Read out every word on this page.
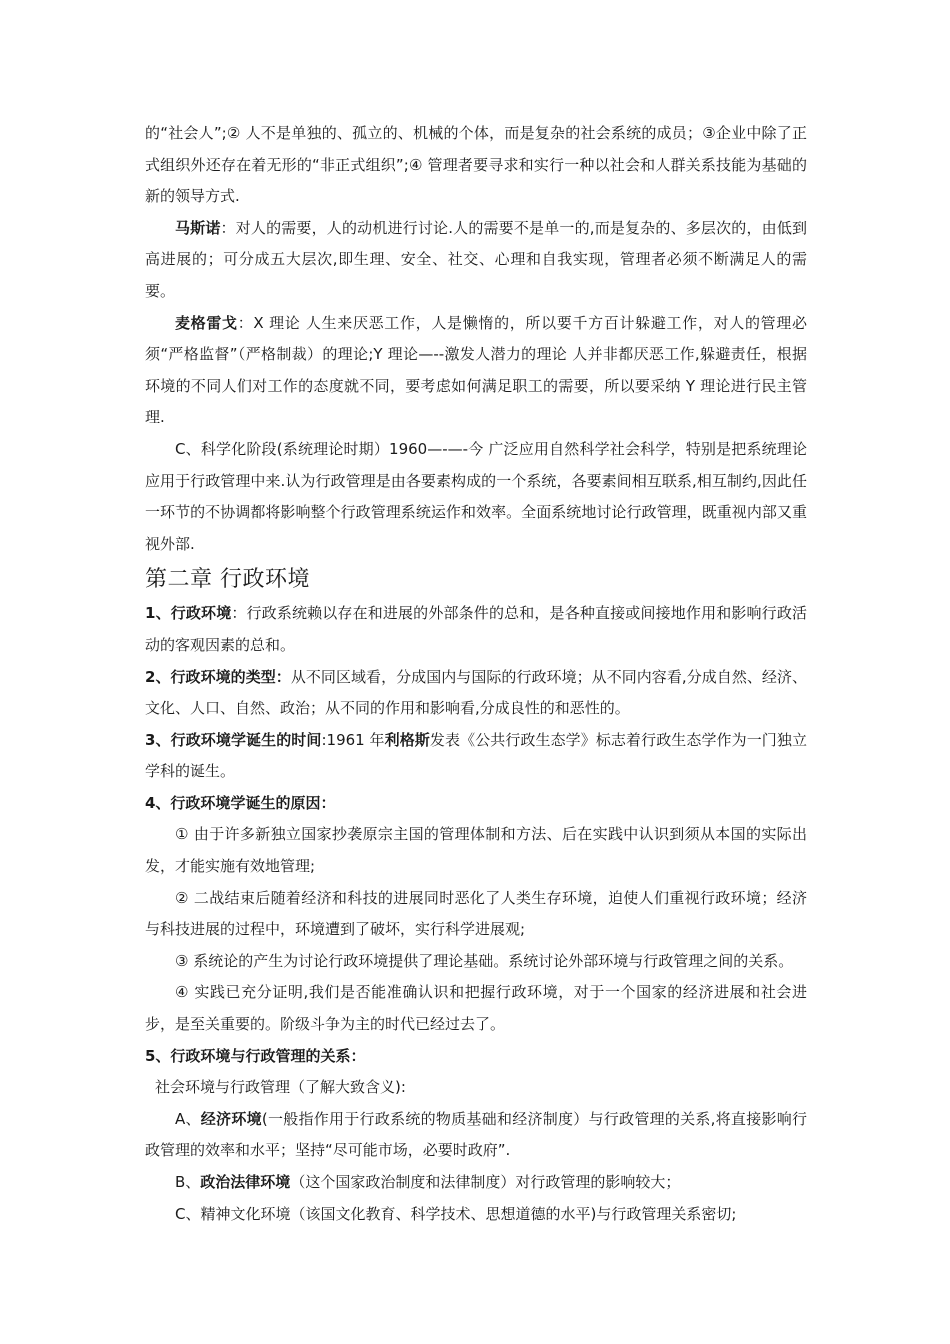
的“社会人”;② 人不是单独的、孤立的、机械的个体，而是复杂的社会系统的成员；③企业中除了正式组织外还存在着无形的“非正式组织”;④ 管理者要寻求和实行一种以社会和人群关系技能为基础的新的领导方式.

马斯诺：对人的需要，人的动机进行讨论.人的需要不是单一的,而是复杂的、多层次的，由低到高进展的；可分成五大层次,即生理、安全、社交、心理和自我实现，管理者必须不断满足人的需要。

麦格雷戈：X 理论 人生来厌恶工作，人是懒惰的，所以要千方百计躲避工作，对人的管理必须“严格监督”（严格制裁）的理论;Y 理论—--激发人潜力的理论 人并非都厌恶工作,躲避责任，根据环境的不同人们对工作的态度就不同，要考虑如何满足职工的需要，所以要采纳 Y 理论进行民主管理.

C、科学化阶段(系统理论时期）1960—-—-今 广泛应用自然科学社会科学，特别是把系统理论应用于行政管理中来.认为行政管理是由各要素构成的一个系统，各要素间相互联系,相互制约,因此任一环节的不协调都将影响整个行政管理系统运作和效率。全面系统地讨论行政管理，既重视内部又重视外部.

第二章 行政环境

1、行政环境：行政系统赖以存在和进展的外部条件的总和，是各种直接或间接地作用和影响行政活动的客观因素的总和。

2、行政环境的类型：从不同区域看，分成国内与国际的行政环境；从不同内容看,分成自然、经济、文化、人口、自然、政治；从不同的作用和影响看,分成良性的和恶性的。

3、行政环境学诞生的时间:1961 年利格斯发表《公共行政生态学》标志着行政生态学作为一门独立学科的诞生。

4、行政环境学诞生的原因：

① 由于许多新独立国家抄袭原宗主国的管理体制和方法、后在实践中认识到须从本国的实际出发，才能实施有效地管理;

② 二战结束后随着经济和科技的进展同时恶化了人类生存环境，迫使人们重视行政环境；经济与科技进展的过程中，环境遭到了破坏，实行科学进展观;

③ 系统论的产生为讨论行政环境提供了理论基础。系统讨论外部环境与行政管理之间的关系。

④ 实践已充分证明,我们是否能准确认识和把握行政环境，对于一个国家的经济进展和社会进步，是至关重要的。阶级斗争为主的时代已经过去了。

5、行政环境与行政管理的关系：

社会环境与行政管理（了解大致含义):

A、经济环境(一般指作用于行政系统的物质基础和经济制度）与行政管理的关系,将直接影响行政管理的效率和水平；坚持“尽可能市场，必要时政府”.

B、政治法律环境（这个国家政治制度和法律制度）对行政管理的影响较大；

C、精神文化环境（该国文化教育、科学技术、思想道德的水平)与行政管理关系密切;
